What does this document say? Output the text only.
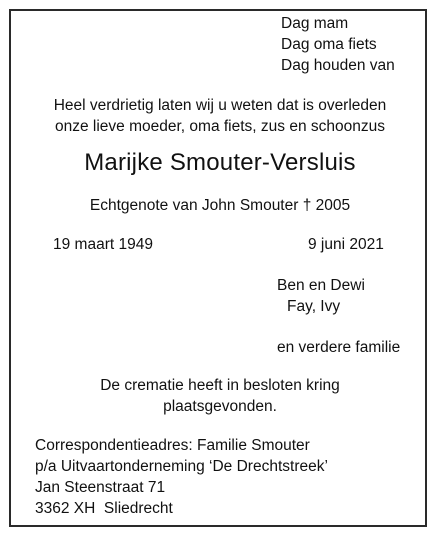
Dag mam
Dag oma fiets
Dag houden van
Heel verdrietig laten wij u weten dat is overleden
onze lieve moeder, oma fiets, zus en schoonzus
Marijke Smouter-Versluis
Echtgenote van John Smouter † 2005
19 maart 1949	9 juni 2021
Ben en Dewi
Fay, Ivy
en verdere familie
De crematie heeft in besloten kring
plaatsgevonden.
Correspondentieadres: Familie Smouter
p/a Uitvaartonderneming ‘De Drechtstreek’
Jan Steenstraat 71
3362 XH  Sliedrecht
